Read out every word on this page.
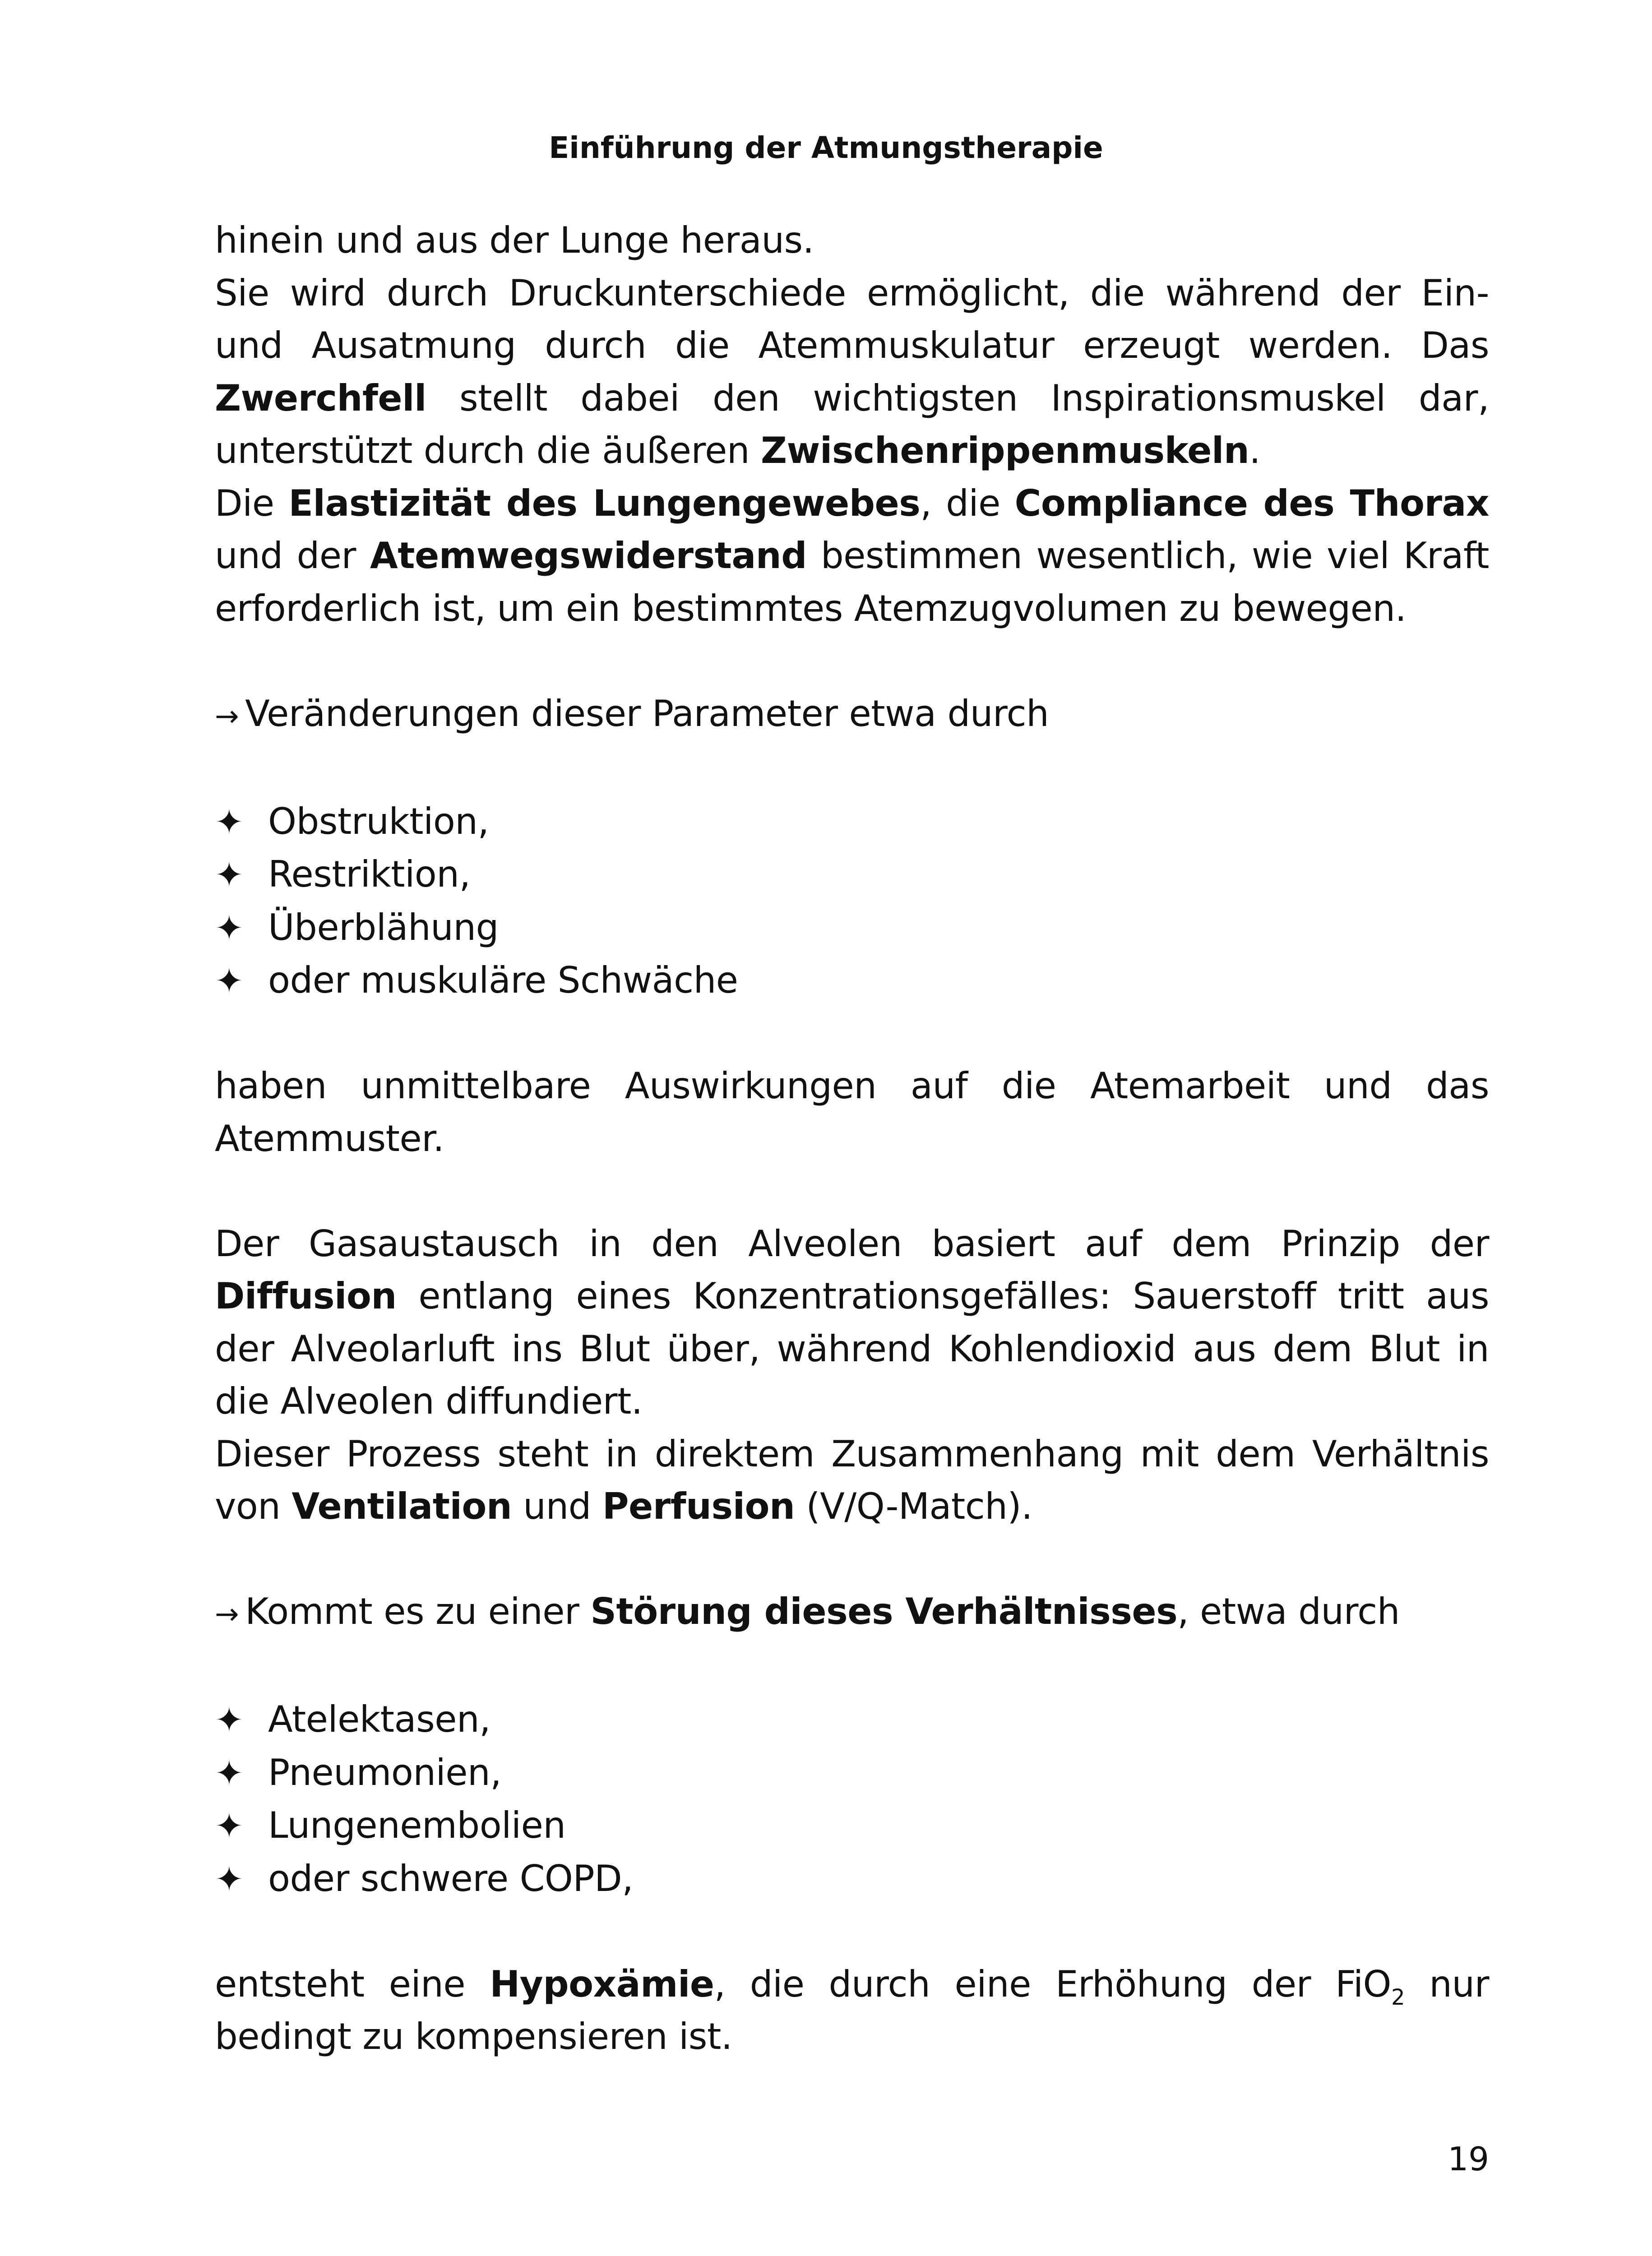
Einführung der Atmungstherapie

hinein und aus der Lunge heraus.

Sie wird durch Druckunterschiede ermöglicht, die während der Ein- und Ausatmung durch die Atemmuskulatur erzeugt werden. Das Zwerchfell stellt dabei den wichtigsten Inspirationsmuskel dar, unterstützt durch die äußeren Zwischenrippenmuskeln.

Die Elastizität des Lungengewebes, die Compliance des Thorax und der Atemwegswiderstand bestimmen wesentlich, wie viel Kraft erforderlich ist, um ein bestimmtes Atemzugvolumen zu bewegen.

→ Veränderungen dieser Parameter etwa durch

✦ Obstruktion,
✦ Restriktion,
✦ Überblähung
✦ oder muskuläre Schwäche

haben unmittelbare Auswirkungen auf die Atemarbeit und das Atemmuster.

Der Gasaustausch in den Alveolen basiert auf dem Prinzip der Diffusion entlang eines Konzentrationsgefälles: Sauerstoff tritt aus der Alveolarluft ins Blut über, während Kohlendioxid aus dem Blut in die Alveolen diffundiert.

Dieser Prozess steht in direktem Zusammenhang mit dem Verhältnis von Ventilation und Perfusion (V/Q-Match).

→ Kommt es zu einer Störung dieses Verhältnisses, etwa durch

✦ Atelektasen,
✦ Pneumonien,
✦ Lungenembolien
✦ oder schwere COPD,

entsteht eine Hypoxämie, die durch eine Erhöhung der FiO$_2$ nur bedingt zu kompensieren ist.

19
